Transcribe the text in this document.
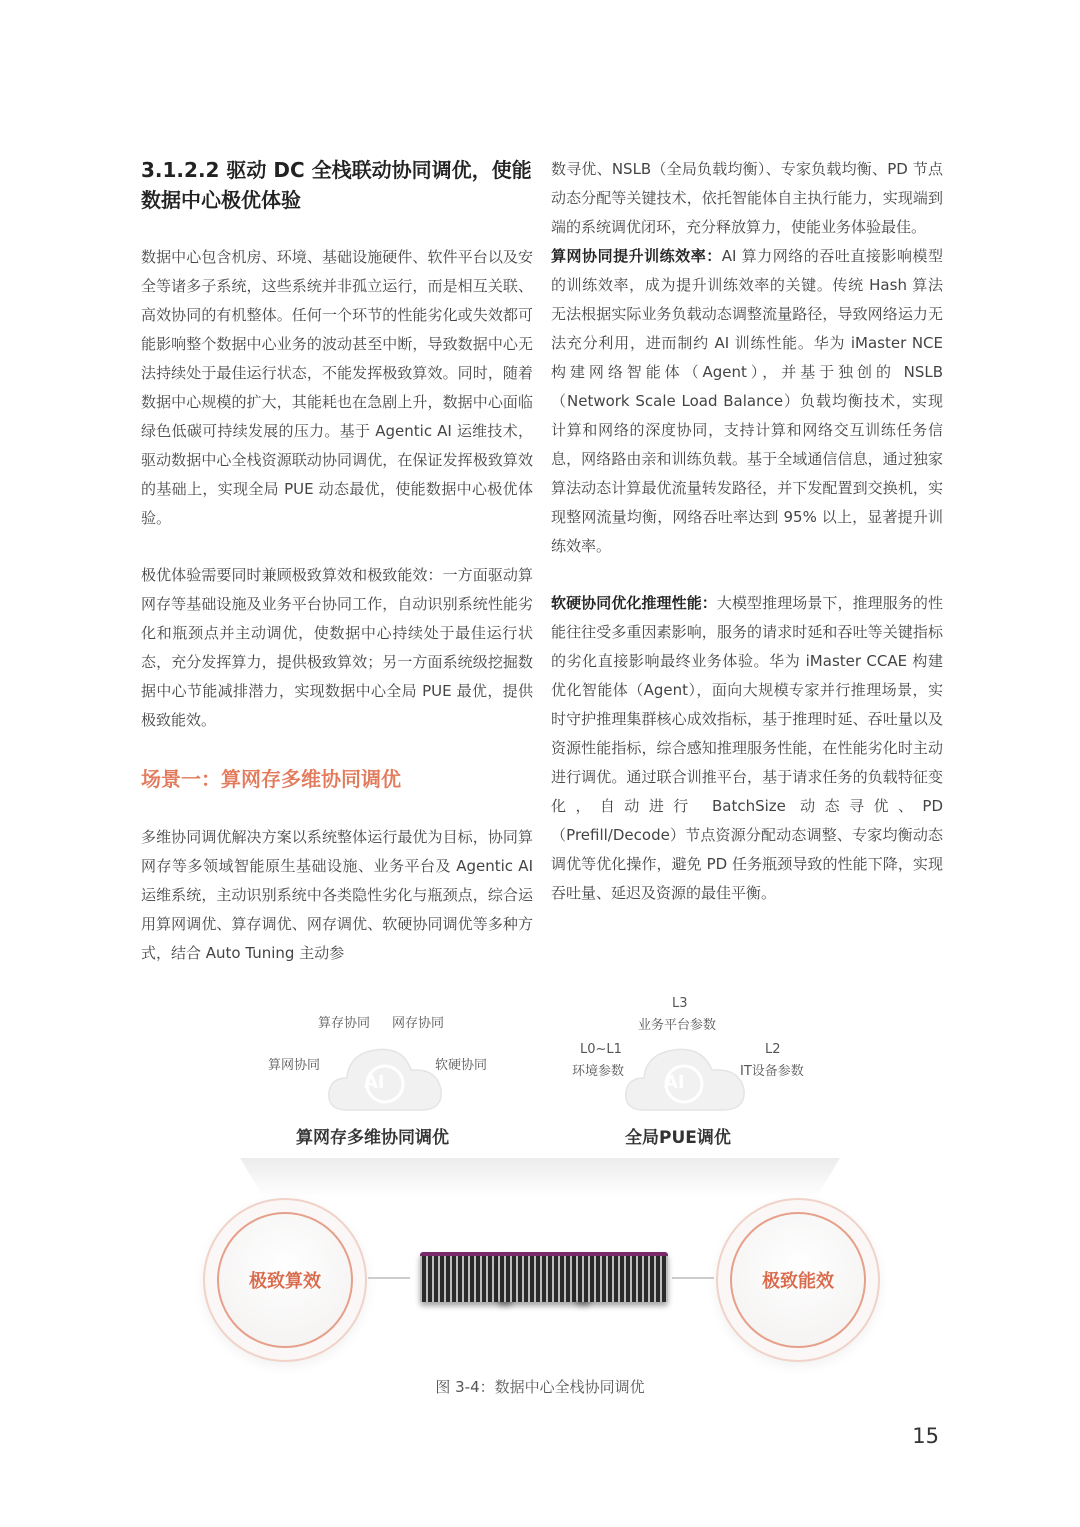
3.1.2.2 驱动 DC 全栈联动协同调优，使能数据中心极优体验

数据中心包含机房、环境、基础设施硬件、软件平台以及安全等诸多子系统，这些系统并非孤立运行，而是相互关联、高效协同的有机整体。任何一个环节的性能劣化或失效都可能影响整个数据中心业务的波动甚至中断，导致数据中心无法持续处于最佳运行状态，不能发挥极致算效。同时，随着数据中心规模的扩大，其能耗也在急剧上升，数据中心面临绿色低碳可持续发展的压力。基于 Agentic AI 运维技术，驱动数据中心全栈资源联动协同调优，在保证发挥极致算效的基础上，实现全局 PUE 动态最优，使能数据中心极优体验。

极优体验需要同时兼顾极致算效和极致能效：一方面驱动算网存等基础设施及业务平台协同工作，自动识别系统性能劣化和瓶颈点并主动调优，使数据中心持续处于最佳运行状态，充分发挥算力，提供极致算效；另一方面系统级挖掘数据中心节能减排潜力，实现数据中心全局 PUE 最优，提供极致能效。

场景一：算网存多维协同调优

多维协同调优解决方案以系统整体运行最优为目标，协同算网存等多领域智能原生基础设施、业务平台及 Agentic AI 运维系统，主动识别系统中各类隐性劣化与瓶颈点，综合运用算网调优、算存调优、网存调优、软硬协同调优等多种方式，结合 Auto Tuning 主动参

数寻优、NSLB（全局负载均衡）、专家负载均衡、PD 节点动态分配等关键技术，依托智能体自主执行能力，实现端到端的系统调优闭环，充分释放算力，使能业务体验最佳。

算网协同提升训练效率：AI 算力网络的吞吐直接影响模型的训练效率，成为提升训练效率的关键。传统 Hash 算法无法根据实际业务负载动态调整流量路径，导致网络运力无法充分利用，进而制约 AI 训练性能。华为 iMaster NCE 构建网络智能体（Agent），并基于独创的 NSLB（Network Scale Load Balance）负载均衡技术，实现计算和网络的深度协同，支持计算和网络交互训练任务信息，网络路由亲和训练负载。基于全域通信信息，通过独家算法动态计算最优流量转发路径，并下发配置到交换机，实现整网流量均衡，网络吞吐率达到 95% 以上，显著提升训练效率。

软硬协同优化推理性能：大模型推理场景下，推理服务的性能往往受多重因素影响，服务的请求时延和吞吐等关键指标的劣化直接影响最终业务体验。华为 iMaster CCAE 构建优化智能体（Agent），面向大规模专家并行推理场景，实时守护推理集群核心成效指标，基于推理时延、吞吐量以及资源性能指标，综合感知推理服务性能，在性能劣化时主动进行调优。通过联合训推平台，基于请求任务的负载特征变化，自动进行 BatchSize 动态寻优、PD（Prefill/Decode）节点资源分配动态调整、专家均衡动态调优等优化操作，避免 PD 任务瓶颈导致的性能下降，实现吞吐量、延迟及资源的最佳平衡。

AI
算存协同 网存协同
算网协同	软硬协同
算网存多维协同调优
AI
L3
业务平台参数
L0~L1
环境参数
L2
IT设备参数
全局PUE调优
极致算效	极致能效
图 3-4：数据中心全栈协同调优
15
